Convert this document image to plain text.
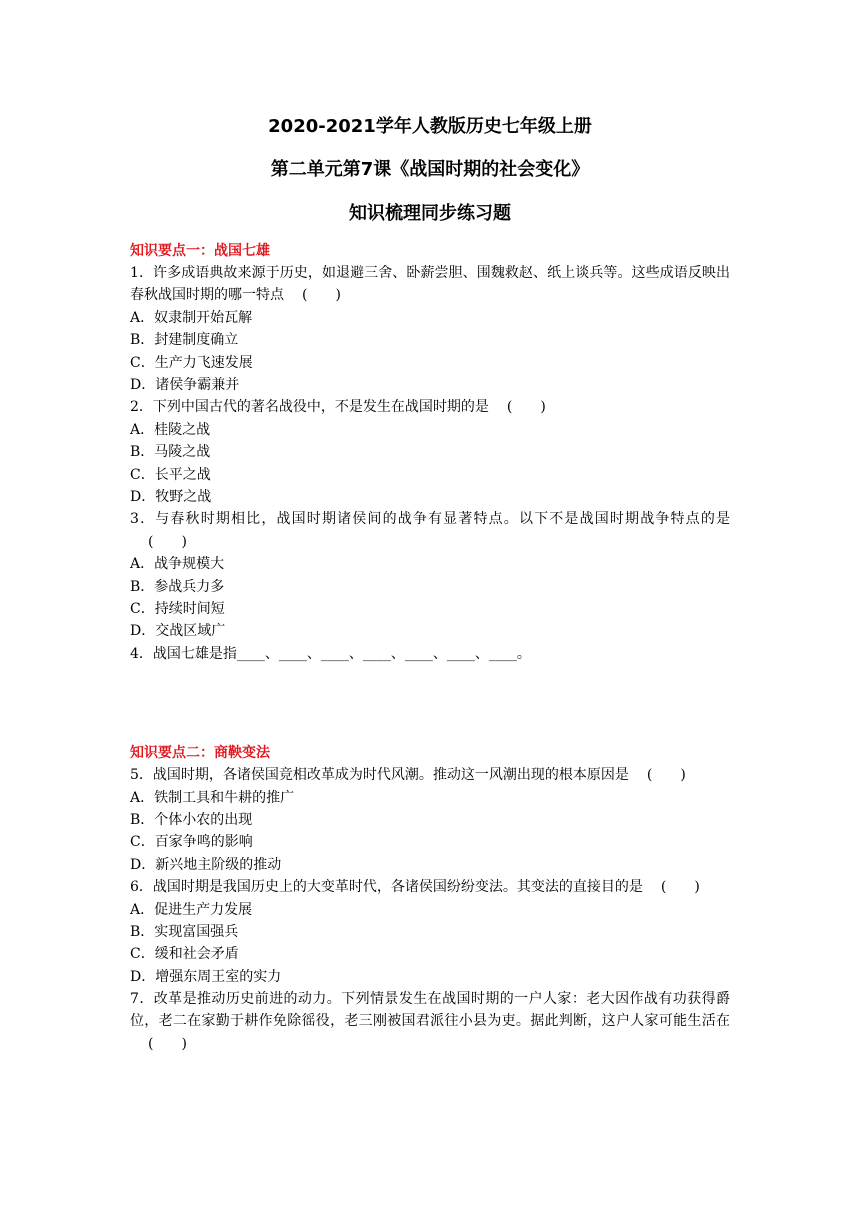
2020-2021学年人教版历史七年级上册

第二单元第7课《战国时期的社会变化》

知识梳理同步练习题

知识要点一：战国七雄
1．许多成语典故来源于历史，如退避三舍、卧薪尝胆、围魏救赵、纸上谈兵等。这些成语反映出春秋战国时期的哪一特点 (　　)
A．奴隶制开始瓦解
B．封建制度确立
C．生产力飞速发展
D．诸侯争霸兼并
2．下列中国古代的著名战役中，不是发生在战国时期的是 (　　)
A．桂陵之战
B．马陵之战
C．长平之战
D．牧野之战
3．与春秋时期相比，战国时期诸侯间的战争有显著特点。以下不是战国时期战争特点的是(　　)
A．战争规模大
B．参战兵力多
C．持续时间短
D．交战区域广
4．战国七雄是指____、____、____、____、____、____、____。
知识要点二：商鞅变法
5．战国时期，各诸侯国竞相改革成为时代风潮。推动这一风潮出现的根本原因是 (　　)
A．铁制工具和牛耕的推广
B．个体小农的出现
C．百家争鸣的影响
D．新兴地主阶级的推动
6．战国时期是我国历史上的大变革时代，各诸侯国纷纷变法。其变法的直接目的是 (　　)
A．促进生产力发展
B．实现富国强兵
C．缓和社会矛盾
D．增强东周王室的实力
7．改革是推动历史前进的动力。下列情景发生在战国时期的一户人家：老大因作战有功获得爵位，老二在家勤于耕作免除徭役，老三刚被国君派往小县为吏。据此判断，这户人家可能生活在(　　)
